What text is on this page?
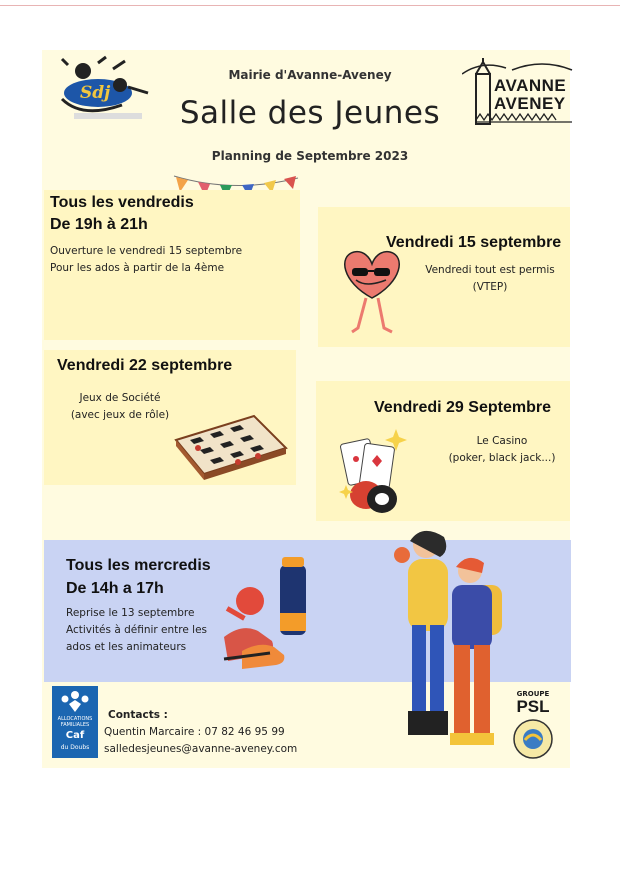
Sdj	AVANNE
AVENEY
Mairie d'Avanne-Aveney
Salle des Jeunes
Planning de Septembre 2023
Tous les vendredis
De 19h à 21h
Ouverture le vendredi 15 septembre
Pour les ados à partir de la 4ème
Vendredi 15 septembre
Vendredi tout est permis
(VTEP)
Vendredi 22 septembre
Jeux de Société
(avec jeux de rôle)	Vendredi 29 Septembre
Le Casino
(poker, black jack...)
Tous les mercredis
De 14h a 17h
Reprise le 13 septembre
Activités à définir entre les
ados et les animateurs
ALLOCATIONS
FAMILIALES
Caf
du Doubs
Contacts :
Quentin Marcaire : 07 82 46 95 99
salledesjeunes@avanne-aveney.com
GROUPE
PSL
